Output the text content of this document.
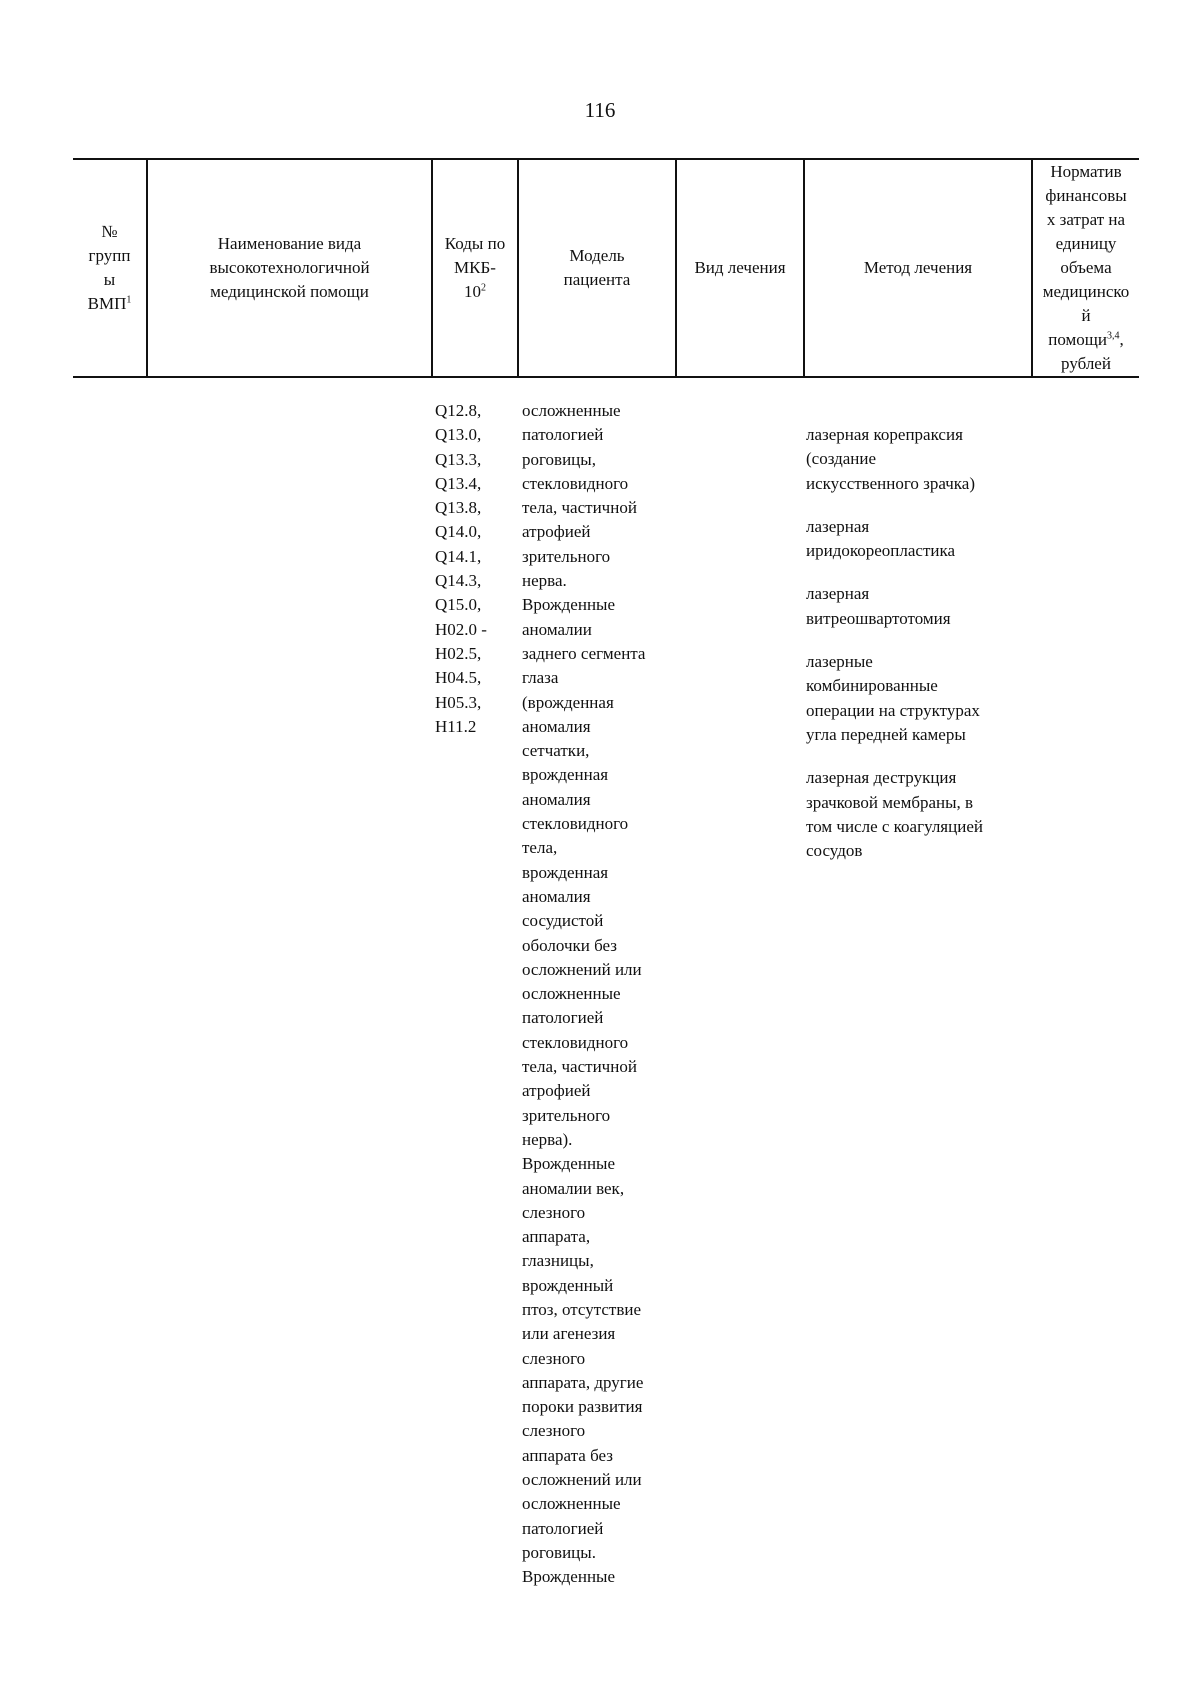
116
№
групп
ы
ВМП$^1$
Наименование вида
высокотехнологичной
медицинской помощи
Коды по
МКБ-
$10^2$
Модель
пациента
Вид лечения	Метод лечения
Норматив
финансовы
х затрат на
единицу
объема
медицинско
й
помощи$^{3,4}$,
рублей
Q12.8,
Q13.0,
Q13.3,
Q13.4,
Q13.8,
Q14.0,
Q14.1,
Q14.3,
Q15.0,
H02.0 -
H02.5,
H04.5,
H05.3,
H11.2
осложненные
патологией
роговицы,
стекловидного
тела, частичной
атрофией
зрительного
нерва.
Врожденные
аномалии
заднего сегмента
глаза
(врожденная
аномалия
сетчатки,
врожденная
аномалия
стекловидного
тела,
врожденная
аномалия
сосудистой
оболочки без
осложнений или
осложненные
патологией
стекловидного
тела, частичной
атрофией
зрительного
нерва).
Врожденные
аномалии век,
слезного
аппарата,
глазницы,
врожденный
птоз, отсутствие
или агенезия
слезного
аппарата, другие
пороки развития
слезного
аппарата без
осложнений или
осложненные
патологией
роговицы.
Врожденные
лазерная корепраксия
(создание
искусственного зрачка)
лазерная
иридокореопластика
лазерная
витреошвартотомия
лазерные
комбинированные
операции на структурах
угла передней камеры
лазерная деструкция
зрачковой мембраны, в
том числе с коагуляцией
сосудов
